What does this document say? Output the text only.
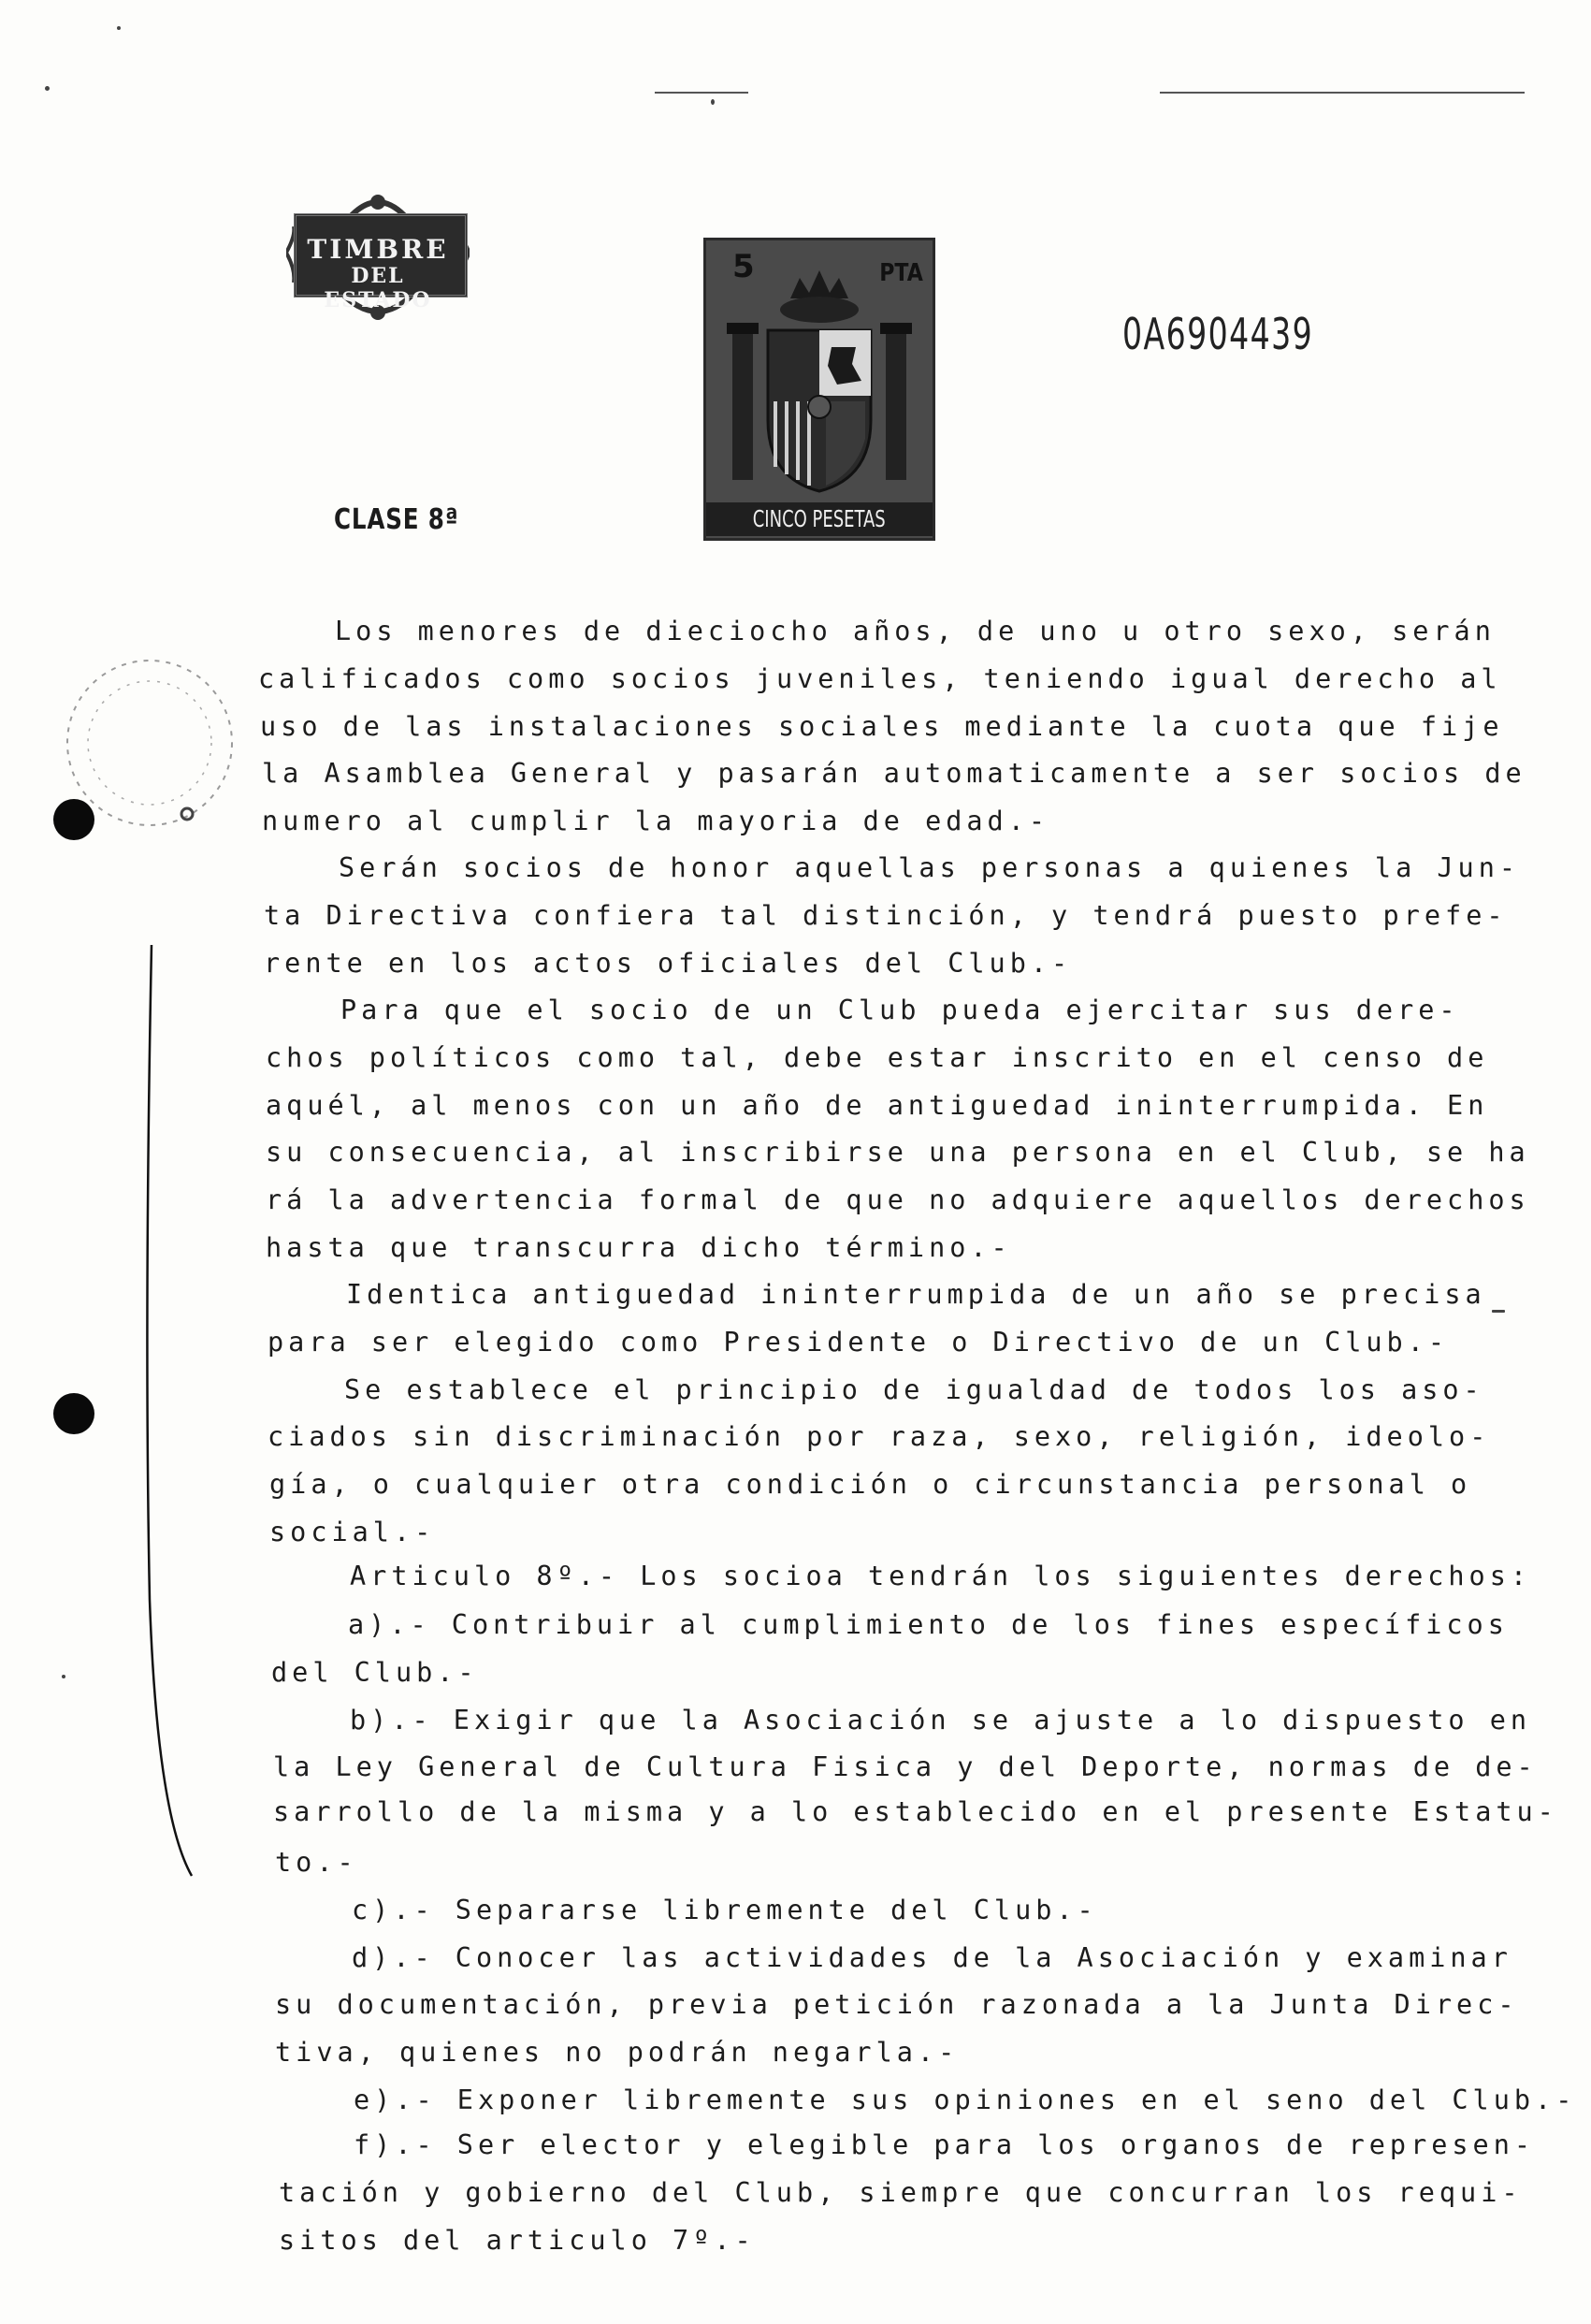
TIMBRE
DEL ESTADO
CLASE 8ª
5	PTA
CINCO PESETAS
0A6904439
Los menores de dieciocho años, de uno u otro sexo, serán
calificados como socios juveniles, teniendo igual derecho al
uso de las instalaciones sociales mediante la cuota que fije
la Asamblea General y pasarán automaticamente a ser socios de
numero al cumplir la mayoria de edad.-
Serán socios de honor aquellas personas a quienes la Jun-
ta Directiva confiera tal distinción, y tendrá puesto prefe-
rente en los actos oficiales del Club.-
Para que el socio de un Club pueda ejercitar sus dere-
chos políticos como tal, debe estar inscrito en el censo de
aquél, al menos con un año de antiguedad ininterrumpida. En
su consecuencia, al inscribirse una persona en el Club, se ha
rá la advertencia formal de que no adquiere aquellos derechos
hasta que transcurra dicho término.-
Identica antiguedad ininterrumpida de un año se precisa
para ser elegido como Presidente o Directivo de un Club.-
Se establece el principio de igualdad de todos los aso-
ciados sin discriminación por raza, sexo, religión, ideolo-
gía, o cualquier otra condición o circunstancia personal o
social.-
Articulo 8º.- Los socioa tendrán los siguientes derechos:
a).- Contribuir al cumplimiento de los fines específicos
del Club.-
b).- Exigir que la Asociación se ajuste a lo dispuesto en
la Ley General de Cultura Fisica y del Deporte, normas de de-
sarrollo de la misma y a lo establecido en el presente Estatu-
to.-
c).- Separarse libremente del Club.-
d).- Conocer las actividades de la Asociación y examinar
su documentación, previa petición razonada a la Junta Direc-
tiva, quienes no podrán negarla.-
e).- Exponer libremente sus opiniones en el seno del Club.-
f).- Ser elector y elegible para los organos de represen-
tación y gobierno del Club, siempre que concurran los requi-
sitos del articulo 7º.-
